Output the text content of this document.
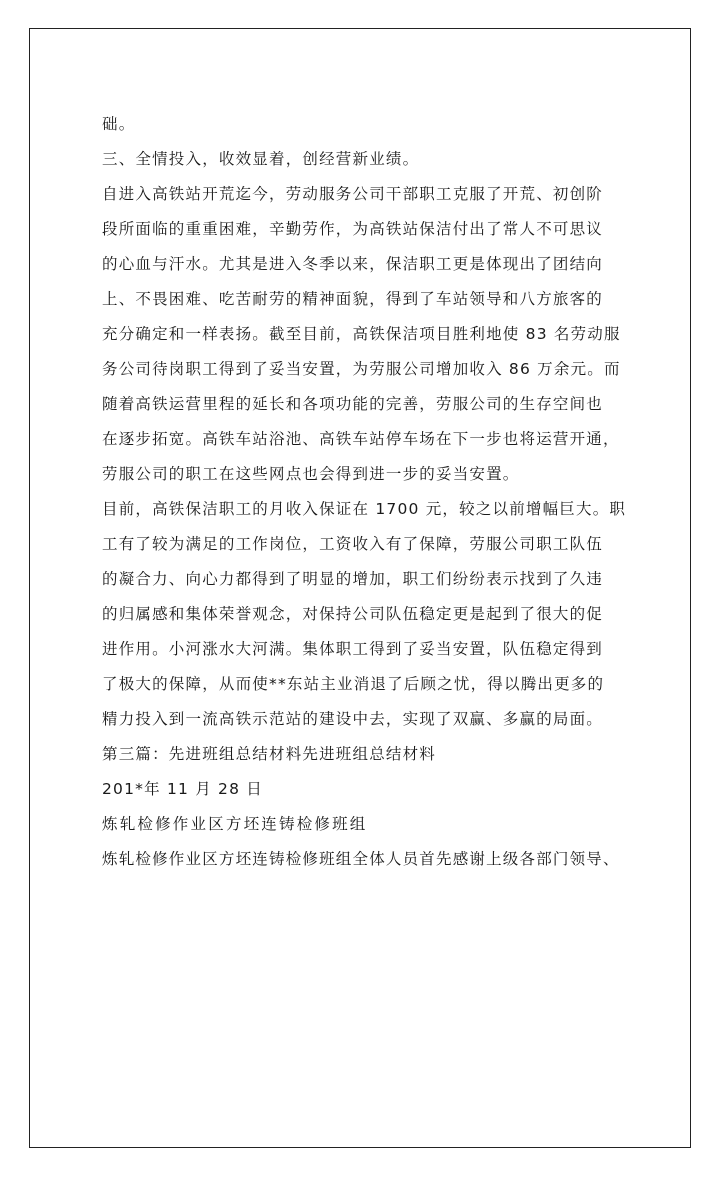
础。
三、全情投入，收效显着，创经营新业绩。
自进入高铁站开荒迄今，劳动服务公司干部职工克服了开荒、初创阶
段所面临的重重困难，辛勤劳作，为高铁站保洁付出了常人不可思议
的心血与汗水。尤其是进入冬季以来，保洁职工更是体现出了团结向
上、不畏困难、吃苦耐劳的精神面貌，得到了车站领导和八方旅客的
充分确定和一样表扬。截至目前，高铁保洁项目胜利地使 83 名劳动服
务公司待岗职工得到了妥当安置，为劳服公司增加收入 86 万余元。而
随着高铁运营里程的延长和各项功能的完善，劳服公司的生存空间也
在逐步拓宽。高铁车站浴池、高铁车站停车场在下一步也将运营开通，
劳服公司的职工在这些网点也会得到进一步的妥当安置。
目前，高铁保洁职工的月收入保证在 1700 元，较之以前增幅巨大。职
工有了较为满足的工作岗位，工资收入有了保障，劳服公司职工队伍
的凝合力、向心力都得到了明显的增加，职工们纷纷表示找到了久违
的归属感和集体荣誉观念，对保持公司队伍稳定更是起到了很大的促
进作用。小河涨水大河满。集体职工得到了妥当安置，队伍稳定得到
了极大的保障，从而使**东站主业消退了后顾之忧，得以腾出更多的
精力投入到一流高铁示范站的建设中去，实现了双赢、多赢的局面。
第三篇：先进班组总结材料先进班组总结材料
201*年 11 月 28 日
炼轧检修作业区方坯连铸检修班组
炼轧检修作业区方坯连铸检修班组全体人员首先感谢上级各部门领导、
